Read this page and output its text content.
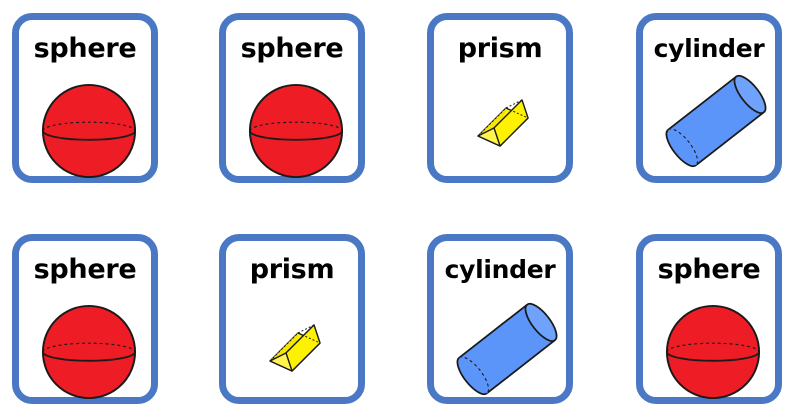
sphere	sphere	prism	cylinder
sphere	prism	cylinder	sphere
